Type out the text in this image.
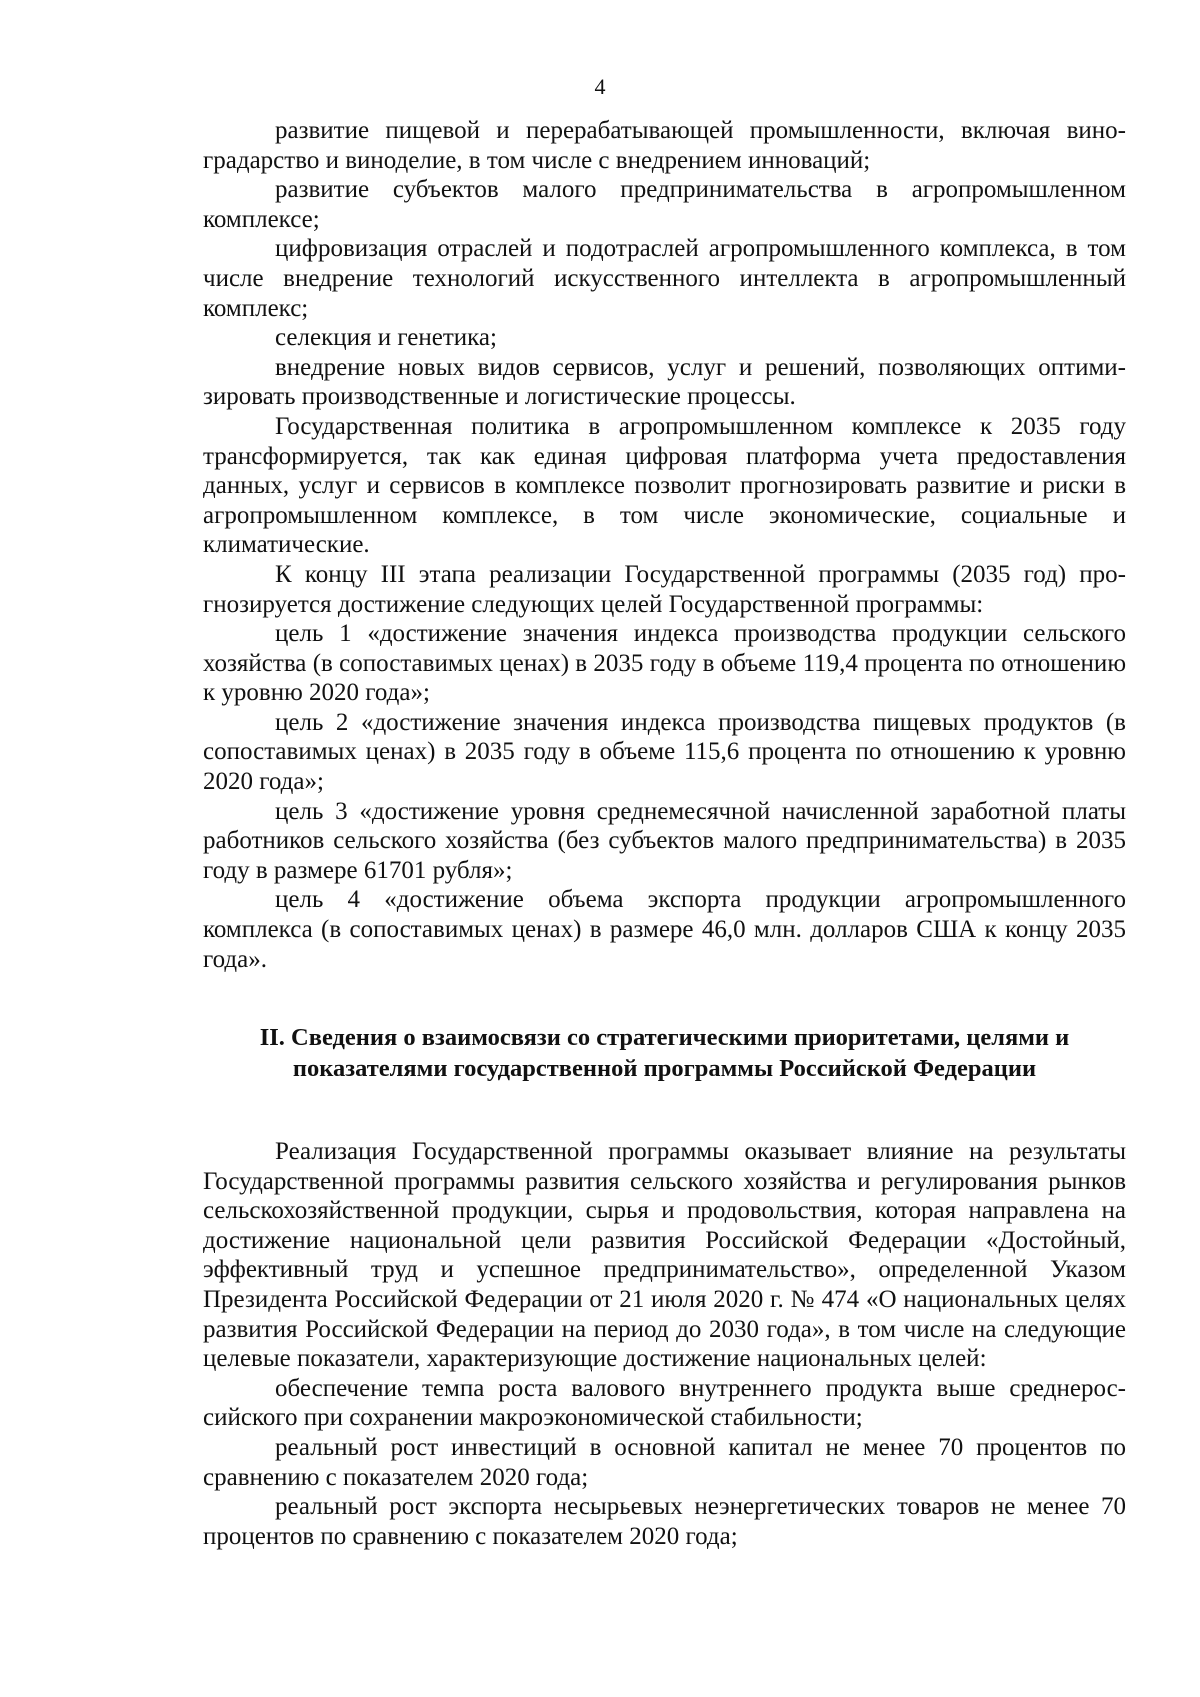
4

развитие пищевой и перерабатывающей промышленности, включая виноградарство и виноделие, в том числе с внедрением инноваций;

развитие субъектов малого предпринимательства в агропромышленном комплексе;

цифровизация отраслей и подотраслей агропромышленного комплекса, в том числе внедрение технологий искусственного интеллекта в агропромышленный комплекс;

селекция и генетика;

внедрение новых видов сервисов, услуг и решений, позволяющих оптимизировать производственные и логистические процессы.

Государственная политика в агропромышленном комплексе к 2035 году трансформируется, так как единая цифровая платформа учета предоставления данных, услуг и сервисов в комплексе позволит прогнозировать развитие и риски в агропромышленном комплексе, в том числе экономические, социальные и климатические.

К концу III этапа реализации Государственной программы (2035 год) прогнозируется достижение следующих целей Государственной программы:

цель 1 «достижение значения индекса производства продукции сельского хозяйства (в сопоставимых ценах) в 2035 году в объеме 119,4 процента по отношению к уровню 2020 года»;

цель 2 «достижение значения индекса производства пищевых продуктов (в сопоставимых ценах) в 2035 году в объеме 115,6 процента по отношению к уровню 2020 года»;

цель 3 «достижение уровня среднемесячной начисленной заработной платы работников сельского хозяйства (без субъектов малого предпринимательства) в 2035 году в размере 61701 рубля»;

цель 4 «достижение объема экспорта продукции агропромышленного комплекса (в сопоставимых ценах) в размере 46,0 млн. долларов США к концу 2035 года».

II. Сведения о взаимосвязи со стратегическими приоритетами, целями и показателями государственной программы Российской Федерации

Реализация Государственной программы оказывает влияние на результаты Государственной программы развития сельского хозяйства и регулирования рынков сельскохозяйственной продукции, сырья и продовольствия, которая направлена на достижение национальной цели развития Российской Федерации «Достойный, эффективный труд и успешное предпринимательство», определенной Указом Президента Российской Федерации от 21 июля 2020 г. № 474 «О национальных целях развития Российской Федерации на период до 2030 года», в том числе на следующие целевые показатели, характеризующие достижение национальных целей:

обеспечение темпа роста валового внутреннего продукта выше среднероссийского при сохранении макроэкономической стабильности;

реальный рост инвестиций в основной капитал не менее 70 процентов по сравнению с показателем 2020 года;

реальный рост экспорта несырьевых неэнергетических товаров не менее 70 процентов по сравнению с показателем 2020 года;
